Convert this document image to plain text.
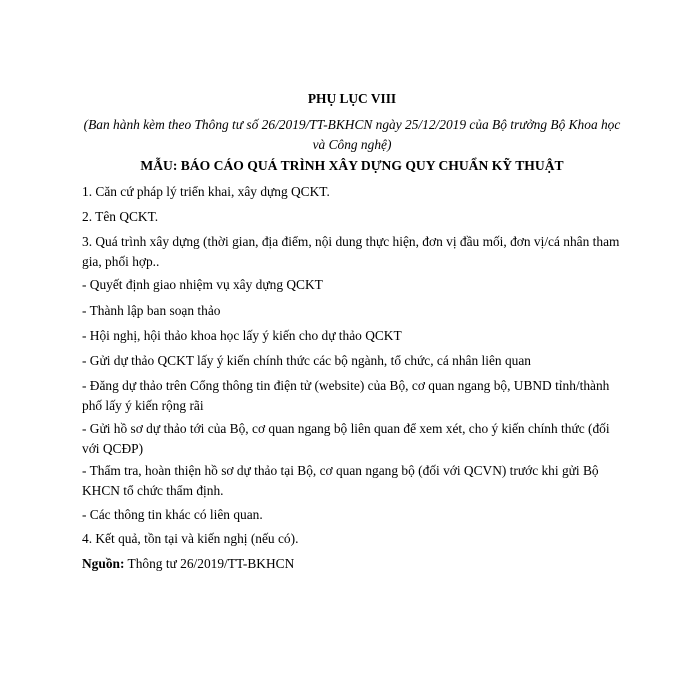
PHỤ LỤC VIII

(Ban hành kèm theo Thông tư số 26/2019/TT-BKHCN ngày 25/12/2019 của Bộ trưởng Bộ Khoa học và Công nghệ)

MẪU: BÁO CÁO QUÁ TRÌNH XÂY DỰNG QUY CHUẨN KỸ THUẬT

1. Căn cứ pháp lý triển khai, xây dựng QCKT.

2. Tên QCKT.

3. Quá trình xây dựng (thời gian, địa điểm, nội dung thực hiện, đơn vị đầu mối, đơn vị/cá nhân tham gia, phối hợp..

- Quyết định giao nhiệm vụ xây dựng QCKT

- Thành lập ban soạn thảo

- Hội nghị, hội thảo khoa học lấy ý kiến cho dự thảo QCKT

- Gửi dự thảo QCKT lấy ý kiến chính thức các bộ ngành, tổ chức, cá nhân liên quan

- Đăng dự thảo trên Cổng thông tin điện tử (website) của Bộ, cơ quan ngang bộ, UBND tỉnh/thành phố lấy ý kiến rộng rãi

- Gửi hồ sơ dự thảo tới của Bộ, cơ quan ngang bộ liên quan để xem xét, cho ý kiến chính thức (đối với QCĐP)

- Thẩm tra, hoàn thiện hồ sơ dự thảo tại Bộ, cơ quan ngang bộ (đối với QCVN) trước khi gửi Bộ KHCN tổ chức thẩm định.

- Các thông tin khác có liên quan.

4. Kết quả, tồn tại và kiến nghị (nếu có).

Nguồn: Thông tư 26/2019/TT-BKHCN
